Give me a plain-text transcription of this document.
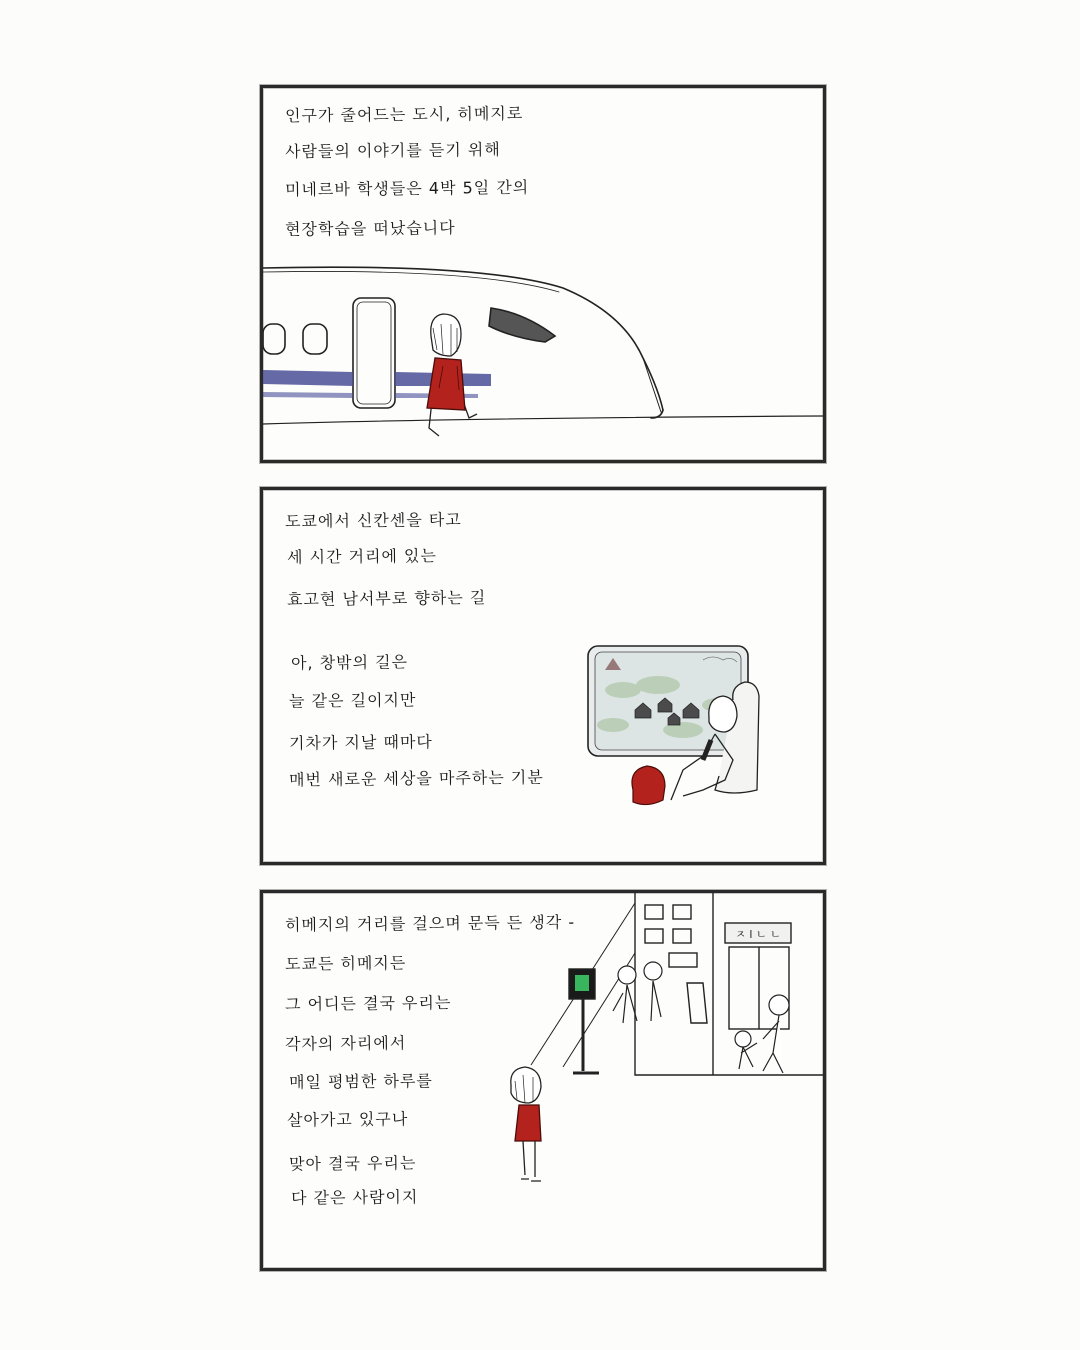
인구가 줄어드는 도시, 히메지로

사람들의 이야기를 듣기 위해

미네르바 학생들은 4박 5일 간의

현장학습을 떠났습니다

도쿄에서 신칸센을 타고

세 시간 거리에 있는

효고현 남서부로 향하는 길

아, 창밖의 길은

늘 같은 길이지만

기차가 지날 때마다

매번 새로운 세상을 마주하는 기분

히메지의 거리를 걸으며 문득 든 생각 -

도쿄든 히메지든

그 어디든 결국 우리는

각자의 자리에서

매일 평범한 하루를

살아가고 있구나

맞아 결국 우리는

다 같은 사람이지

ㅈ l ㄴ ㄴ
